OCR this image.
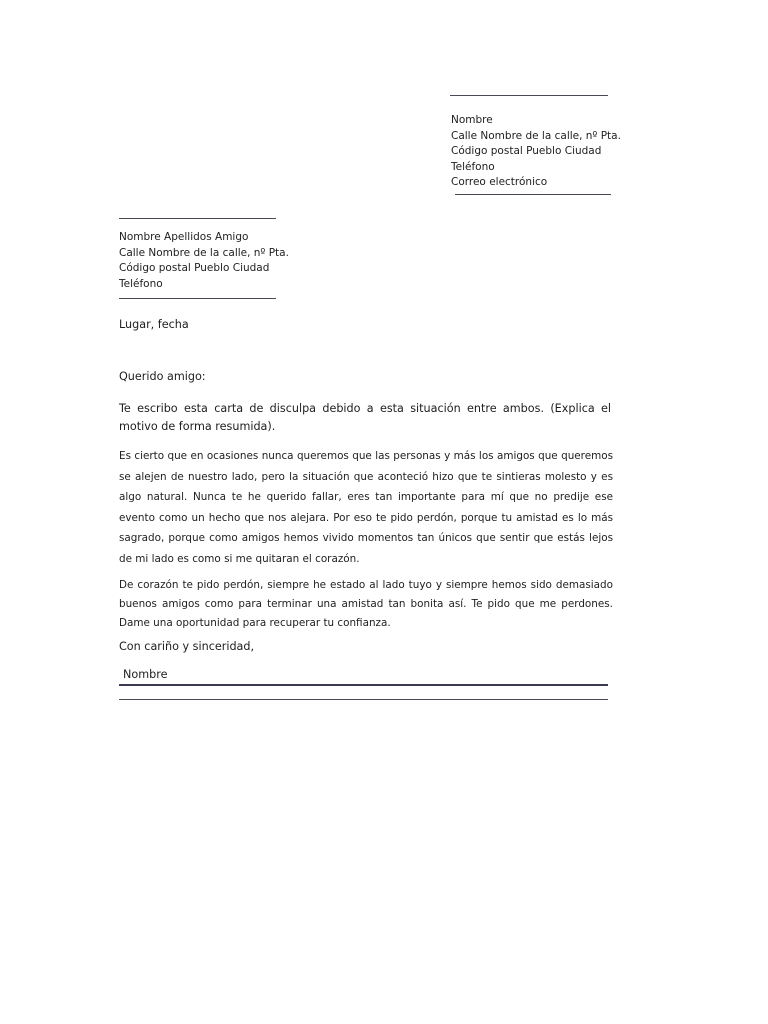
Nombre
Calle Nombre de la calle, nº Pta.
Código postal Pueblo Ciudad
Teléfono
Correo electrónico
Nombre Apellidos Amigo
Calle Nombre de la calle, nº Pta.
Código postal Pueblo Ciudad
Teléfono
Lugar, fecha
Querido amigo:
Te escribo esta carta de disculpa debido a esta situación entre ambos. (Explica el motivo de forma resumida).
Es cierto que en ocasiones nunca queremos que las personas y más los amigos que queremos se alejen de nuestro lado, pero la situación que aconteció hizo que te sintieras molesto y es algo natural. Nunca te he querido fallar, eres tan importante para mí que no predije ese evento como un hecho que nos alejara. Por eso te pido perdón, porque tu amistad es lo más sagrado, porque como amigos hemos vivido momentos tan únicos que sentir que estás lejos de mi lado es como si me quitaran el corazón.
De corazón te pido perdón, siempre he estado al lado tuyo y siempre hemos sido demasiado buenos amigos como para terminar una amistad tan bonita así. Te pido que me perdones. Dame una oportunidad para recuperar tu confianza.
Con cariño y sinceridad,
Nombre
